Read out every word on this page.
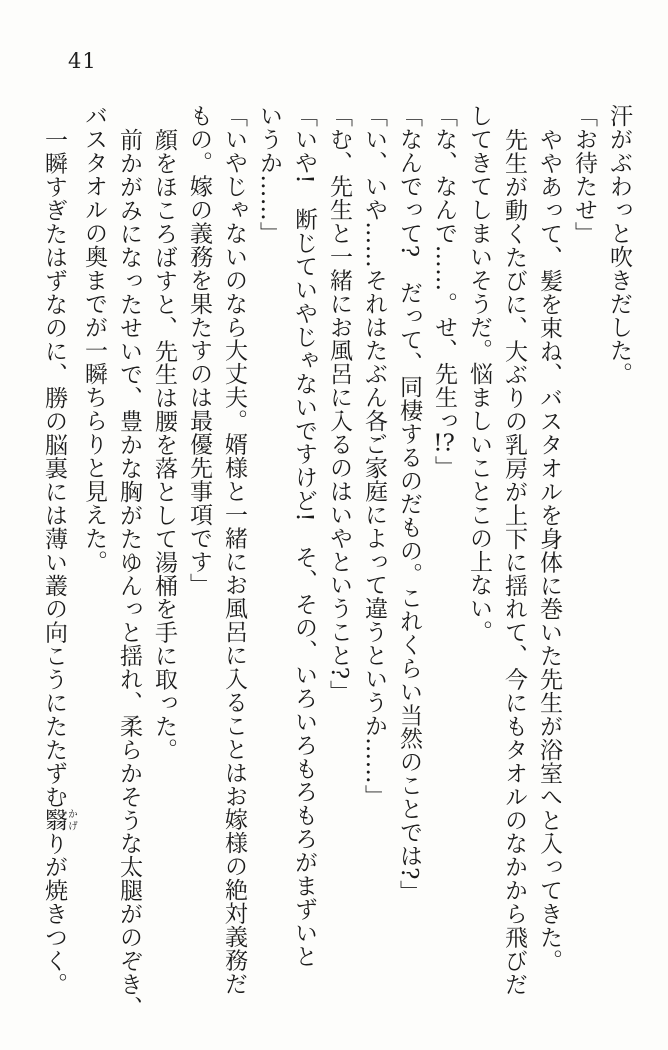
41
汗がぶわっと吹きだした。
「お待たせ」
ややあって、髪を束ね、バスタオルを身体に巻いた先生が浴室へと入ってきた。
先生が動くたびに、大ぶりの乳房が上下に揺れて、今にもタオルのなかから飛びだ
してきてしまいそうだ。悩ましいことこの上ない。
「な、なんで……。せ、先生っ!?」
「なんでって?　だって、同棲するのだもの。これくらい当然のことでは?」
「い、いや……それはたぶん各ご家庭によって違うというか……」
「む、先生と一緒にお風呂に入るのはいやということ?」
「いや!　断じていやじゃないですけど!　そ、その、いろいろもろもろがまずいと
いうか……」
「いやじゃないのなら大丈夫。婿様と一緒にお風呂に入ることはお嫁様の絶対義務だ
もの。嫁の義務を果たすのは最優先事項です」
顔をほころばすと、先生は腰を落として湯桶を手に取った。
前かがみになったせいで、豊かな胸がたゆんっと揺れ、柔らかそうな太腿がのぞき、
バスタオルの奥までが一瞬ちらりと見えた。
一瞬すぎたはずなのに、勝の脳裏には薄い叢の向こうにたたずむ翳かげりが焼きつく。
